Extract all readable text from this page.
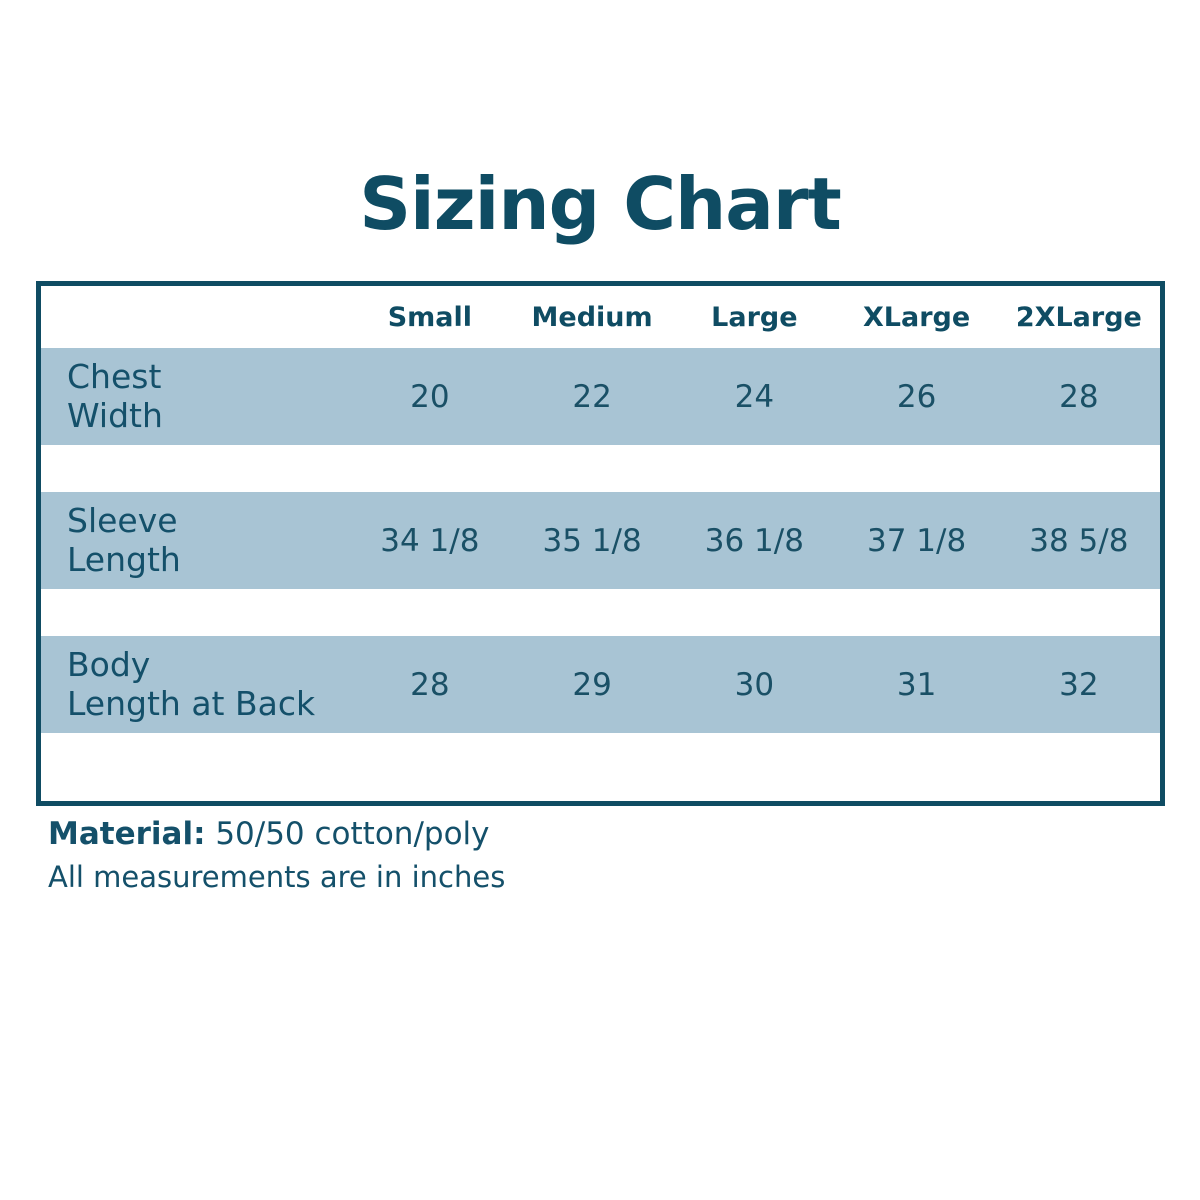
Sizing Chart
	Small	Medium	Large	XLarge	2XLarge

Chest
Width	20	22	24	26	28

Sleeve
Length	34 1/8	35 1/8	36 1/8	37 1/8	38 5/8

Body
Length at Back	28	29	30	31	32

Material: 50/50 cotton/poly
All measurements are in inches
